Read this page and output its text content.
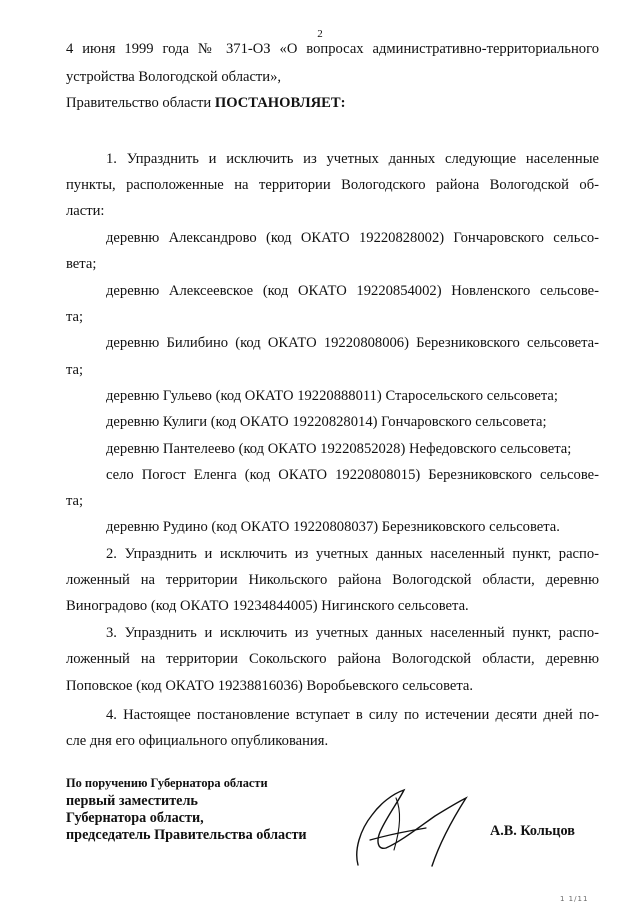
2
4 июня 1999 года № 371-ОЗ «О вопросах административно-территориального
устройства Вологодской области»,
Правительство области ПОСТАНОВЛЯЕТ:
1. Упразднить и исключить из учетных данных следующие населенные
пункты, расположенные на территории Вологодского района Вологодской об-
ласти:
деревню Александрово (код ОКАТО 19220828002) Гончаровского сельсо-
вета;
деревню Алексеевское (код ОКАТО 19220854002) Новленского сельсове-
та;
деревню Билибино (код ОКАТО 19220808006) Березниковского сельсовета-
та;
деревню Гульево (код ОКАТО 19220888011) Старосельского сельсовета;
деревню Кулиги (код ОКАТО 19220828014) Гончаровского сельсовета;
деревню Пантелеево (код ОКАТО 19220852028) Нефедовского сельсовета;
село Погост Еленга (код ОКАТО 19220808015) Березниковского сельсове-
та;
деревню Рудино (код ОКАТО 19220808037) Березниковского сельсовета.
2. Упразднить и исключить из учетных данных населенный пункт, распо-
ложенный на территории Никольского района Вологодской области, деревню
Виноградово (код ОКАТО 19234844005) Нигинского сельсовета.
3. Упразднить и исключить из учетных данных населенный пункт, распо-
ложенный на территории Сокольского района Вологодской области, деревню
Поповское (код ОКАТО 19238816036) Воробьевского сельсовета.
4. Настоящее постановление вступает в силу по истечении десяти дней по-
сле дня его официального опубликования.
По поручению Губернатора области
первый заместитель
Губернатора области,
председатель Правительства области	А.В. Кольцов
1 1/11
